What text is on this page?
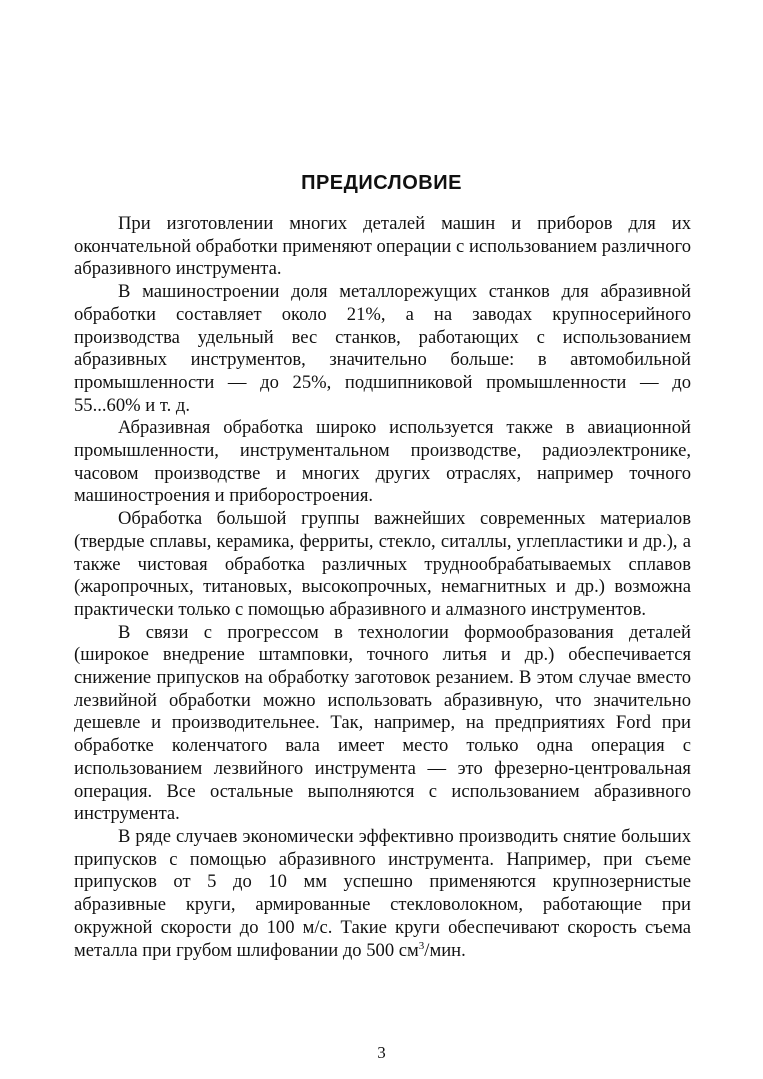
ПРЕДИСЛОВИЕ

При изготовлении многих деталей машин и приборов для их окончательной обработки применяют операции с использованием различного абразивного инструмента.

В машиностроении доля металлорежущих станков для абразивной обработки составляет около 21%, а на заводах крупносерийного производства удельный вес станков, работающих с использованием абразивных инструментов, значительно больше: в автомобильной промышленности — до 25%, подшипниковой промышленности — до 55...60% и т. д.

Абразивная обработка широко используется также в авиационной промышленности, инструментальном производстве, радиоэлектронике, часовом производстве и многих других отраслях, например точного машиностроения и приборостроения.

Обработка большой группы важнейших современных материалов (твердые сплавы, керамика, ферриты, стекло, ситаллы, углепластики и др.), а также чистовая обработка различных труднообрабатываемых сплавов (жаропрочных, титановых, высокопрочных, немагнитных и др.) возможна практически только с помощью абразивного и алмазного инструментов.

В связи с прогрессом в технологии формообразования деталей (широкое внедрение штамповки, точного литья и др.) обеспечивается снижение припусков на обработку заготовок резанием. В этом случае вместо лезвийной обработки можно использовать абразивную, что значительно дешевле и производительнее. Так, например, на предприятиях Ford при обработке коленчатого вала имеет место только одна операция с использованием лезвийного инструмента — это фрезерно-центровальная операция. Все остальные выполняются с использованием абразивного инструмента.

В ряде случаев экономически эффективно производить снятие больших припусков с помощью абразивного инструмента. Например, при съеме припусков от 5 до 10 мм успешно применяются крупнозернистые абразивные круги, армированные стекловолокном, работающие при окружной скорости до 100 м/с. Такие круги обеспечивают скорость съема металла при грубом шлифовании до 500 $см^3$/мин.

3
